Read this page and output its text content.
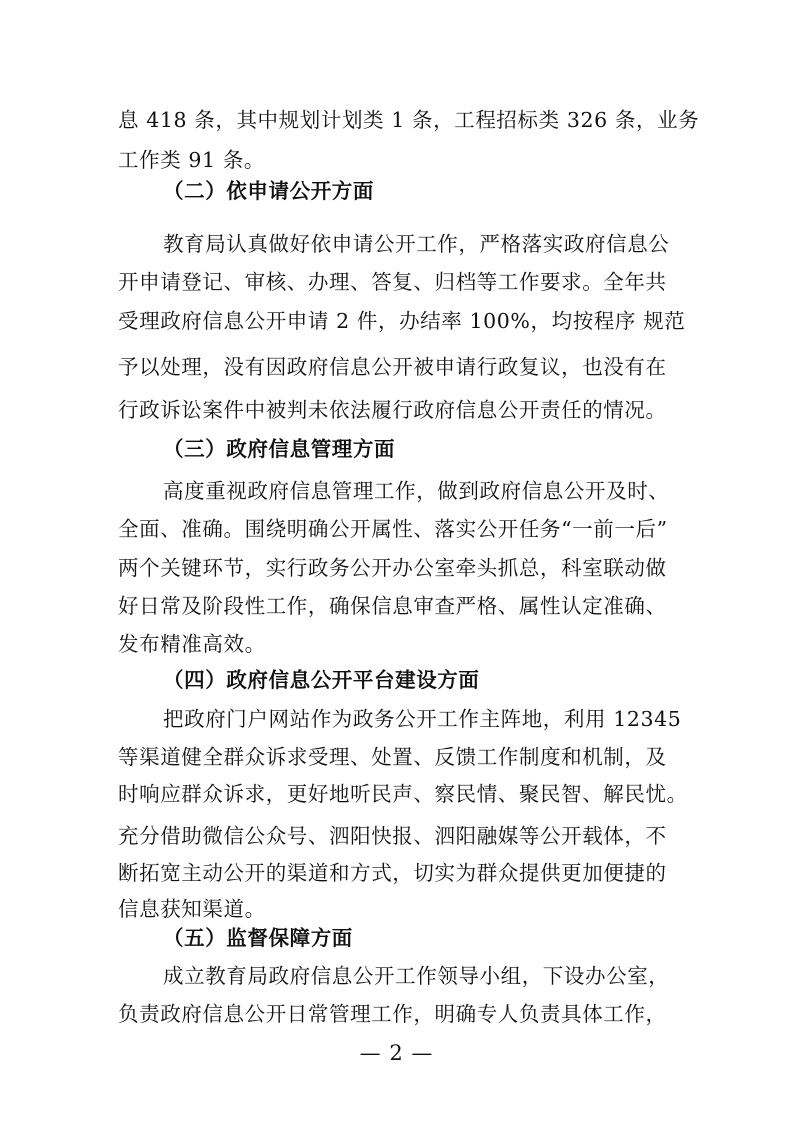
息 418 条，其中规划计划类 1 条，工程招标类 326 条，业务
工作类 91 条。
（二）依申请公开方面
教育局认真做好依申请公开工作，严格落实政府信息公
开申请登记、审核、办理、答复、归档等工作要求。全年共
受理政府信息公开申请 2 件，办结率 100%，均按程序 规范
予以处理，没有因政府信息公开被申请行政复议，也没有在
行政诉讼案件中被判未依法履行政府信息公开责任的情况。
（三）政府信息管理方面
高度重视政府信息管理工作，做到政府信息公开及时、
全面、准确。围绕明确公开属性、落实公开任务“一前一后”
两个关键环节，实行政务公开办公室牵头抓总，科室联动做
好日常及阶段性工作，确保信息审查严格、属性认定准确、
发布精准高效。
（四）政府信息公开平台建设方面
把政府门户网站作为政务公开工作主阵地，利用 12345
等渠道健全群众诉求受理、处置、反馈工作制度和机制，及
时响应群众诉求，更好地听民声、察民情、聚民智、解民忧。
充分借助微信公众号、泗阳快报、泗阳融媒等公开载体，不
断拓宽主动公开的渠道和方式，切实为群众提供更加便捷的
信息获知渠道。
（五）监督保障方面
成立教育局政府信息公开工作领导小组，下设办公室，
负责政府信息公开日常管理工作，明确专人负责具体工作，
— 2 —
